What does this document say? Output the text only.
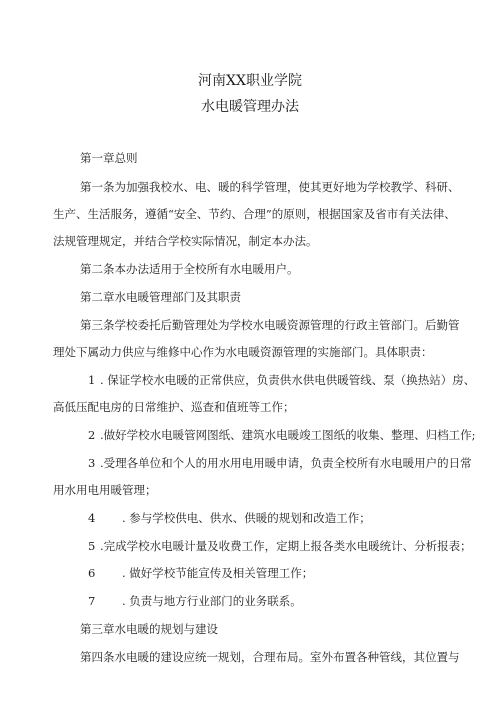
河南XX职业学院
水电暖管理办法
第一章总则
第一条为加强我校水、电、暖的科学管理，使其更好地为学校教学、科研、
生产、生活服务，遵循“安全、节约、合理”的原则，根据国家及省市有关法律、
法规管理规定，并结合学校实际情况，制定本办法。
第二条本办法适用于全校所有水电暖用户。
第二章水电暖管理部门及其职责
第三条学校委托后勤管理处为学校水电暖资源管理的行政主管部门。后勤管
理处下属动力供应与维修中心作为水电暖资源管理的实施部门。具体职责：
1 . 保证学校水电暖的正常供应，负责供水供电供暖管线、泵（换热站）房、
高低压配电房的日常维护、巡查和值班等工作；
2 .做好学校水电暖管网图纸、建筑水电暖竣工图纸的收集、整理、归档工作;
3 .受理各单位和个人的用水用电用暖申请，负责全校所有水电暖用户的日常
用水用电用暖管理；
4 . 参与学校供电、供水、供暖的规划和改造工作；
5 .完成学校水电暖计量及收费工作，定期上报各类水电暖统计、分析报表；
6 . 做好学校节能宣传及相关管理工作；
7 . 负责与地方行业部门的业务联系。
第三章水电暖的规划与建设
第四条水电暖的建设应统一规划，合理布局。室外布置各种管线，其位置与
